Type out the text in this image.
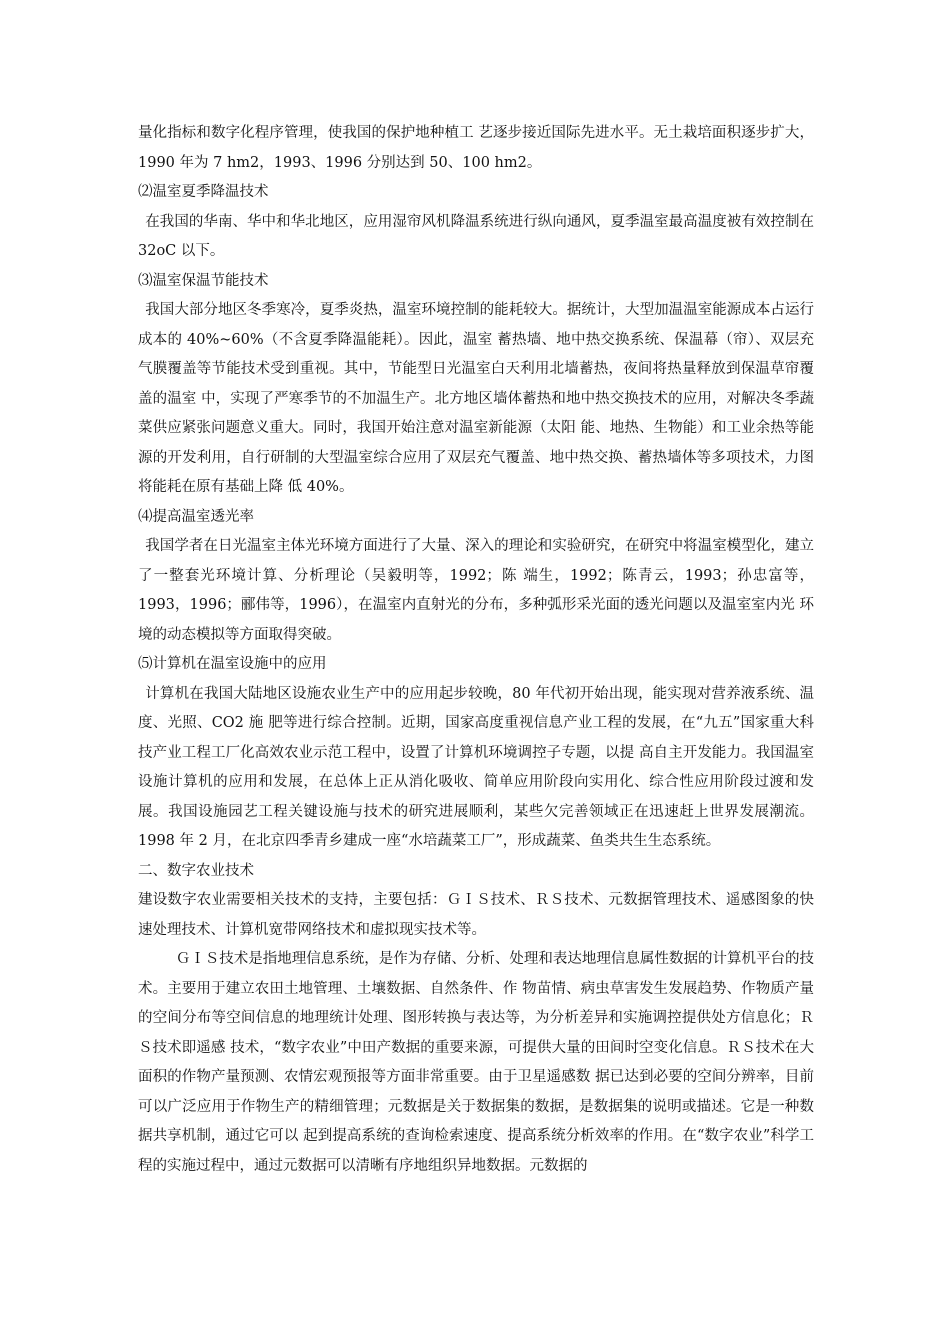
量化指标和数字化程序管理，使我国的保护地种植工 艺逐步接近国际先进水平。无土栽培面积逐步扩大，1990 年为 7 hm2，1993、1996 分别达到 50、100 hm2。

⑵温室夏季降温技术

在我国的华南、华中和华北地区，应用湿帘风机降温系统进行纵向通风，夏季温室最高温度被有效控制在 32oC 以下。

⑶温室保温节能技术

我国大部分地区冬季寒冷，夏季炎热，温室环境控制的能耗较大。据统计，大型加温温室能源成本占运行成本的 40%~60%（不含夏季降温能耗）。因此，温室 蓄热墙、地中热交换系统、保温幕（帘）、双层充气膜覆盖等节能技术受到重视。其中，节能型日光温室白天利用北墙蓄热，夜间将热量释放到保温草帘覆盖的温室 中，实现了严寒季节的不加温生产。北方地区墙体蓄热和地中热交换技术的应用，对解决冬季蔬菜供应紧张问题意义重大。同时，我国开始注意对温室新能源（太阳 能、地热、生物能）和工业余热等能源的开发利用，自行研制的大型温室综合应用了双层充气覆盖、地中热交换、蓄热墙体等多项技术，力图将能耗在原有基础上降 低 40%。

⑷提高温室透光率

我国学者在日光温室主体光环境方面进行了大量、深入的理论和实验研究，在研究中将温室模型化，建立了一整套光环境计算、分析理论（吴毅明等，1992；陈 端生，1992；陈青云，1993；孙忠富等，1993，1996；郦伟等，1996），在温室内直射光的分布，多种弧形采光面的透光问题以及温室室内光 环境的动态模拟等方面取得突破。

⑸计算机在温室设施中的应用

计算机在我国大陆地区设施农业生产中的应用起步较晚，80 年代初开始出现，能实现对营养液系统、温度、光照、CO2 施 肥等进行综合控制。近期，国家高度重视信息产业工程的发展，在“九五”国家重大科技产业工程工厂化高效农业示范工程中，设置了计算机环境调控子专题，以提 高自主开发能力。我国温室设施计算机的应用和发展，在总体上正从消化吸收、简单应用阶段向实用化、综合性应用阶段过渡和发展。我国设施园艺工程关键设施与技术的研究进展顺利，某些欠完善领域正在迅速赶上世界发展潮流。1998 年 2 月，在北京四季青乡建成一座“水培蔬菜工厂”，形成蔬菜、鱼类共生生态系统。

二、数字农业技术

建设数字农业需要相关技术的支持，主要包括：ＧＩＳ技术、ＲＳ技术、元数据管理技术、遥感图象的快速处理技术、计算机宽带网络技术和虚拟现实技术等。

ＧＩＳ技术是指地理信息系统，是作为存储、分析、处理和表达地理信息属性数据的计算机平台的技术。主要用于建立农田土地管理、土壤数据、自然条件、作 物苗情、病虫草害发生发展趋势、作物质产量的空间分布等空间信息的地理统计处理、图形转换与表达等，为分析差异和实施调控提供处方信息化；ＲＳ技术即遥感 技术，“数字农业”中田产数据的重要来源，可提供大量的田间时空变化信息。ＲＳ技术在大面积的作物产量预测、农情宏观预报等方面非常重要。由于卫星遥感数 据已达到必要的空间分辨率，目前可以广泛应用于作物生产的精细管理；元数据是关于数据集的数据，是数据集的说明或描述。它是一种数据共享机制，通过它可以 起到提高系统的查询检索速度、提高系统分析效率的作用。在“数字农业”科学工程的实施过程中，通过元数据可以清晰有序地组织异地数据。元数据的
